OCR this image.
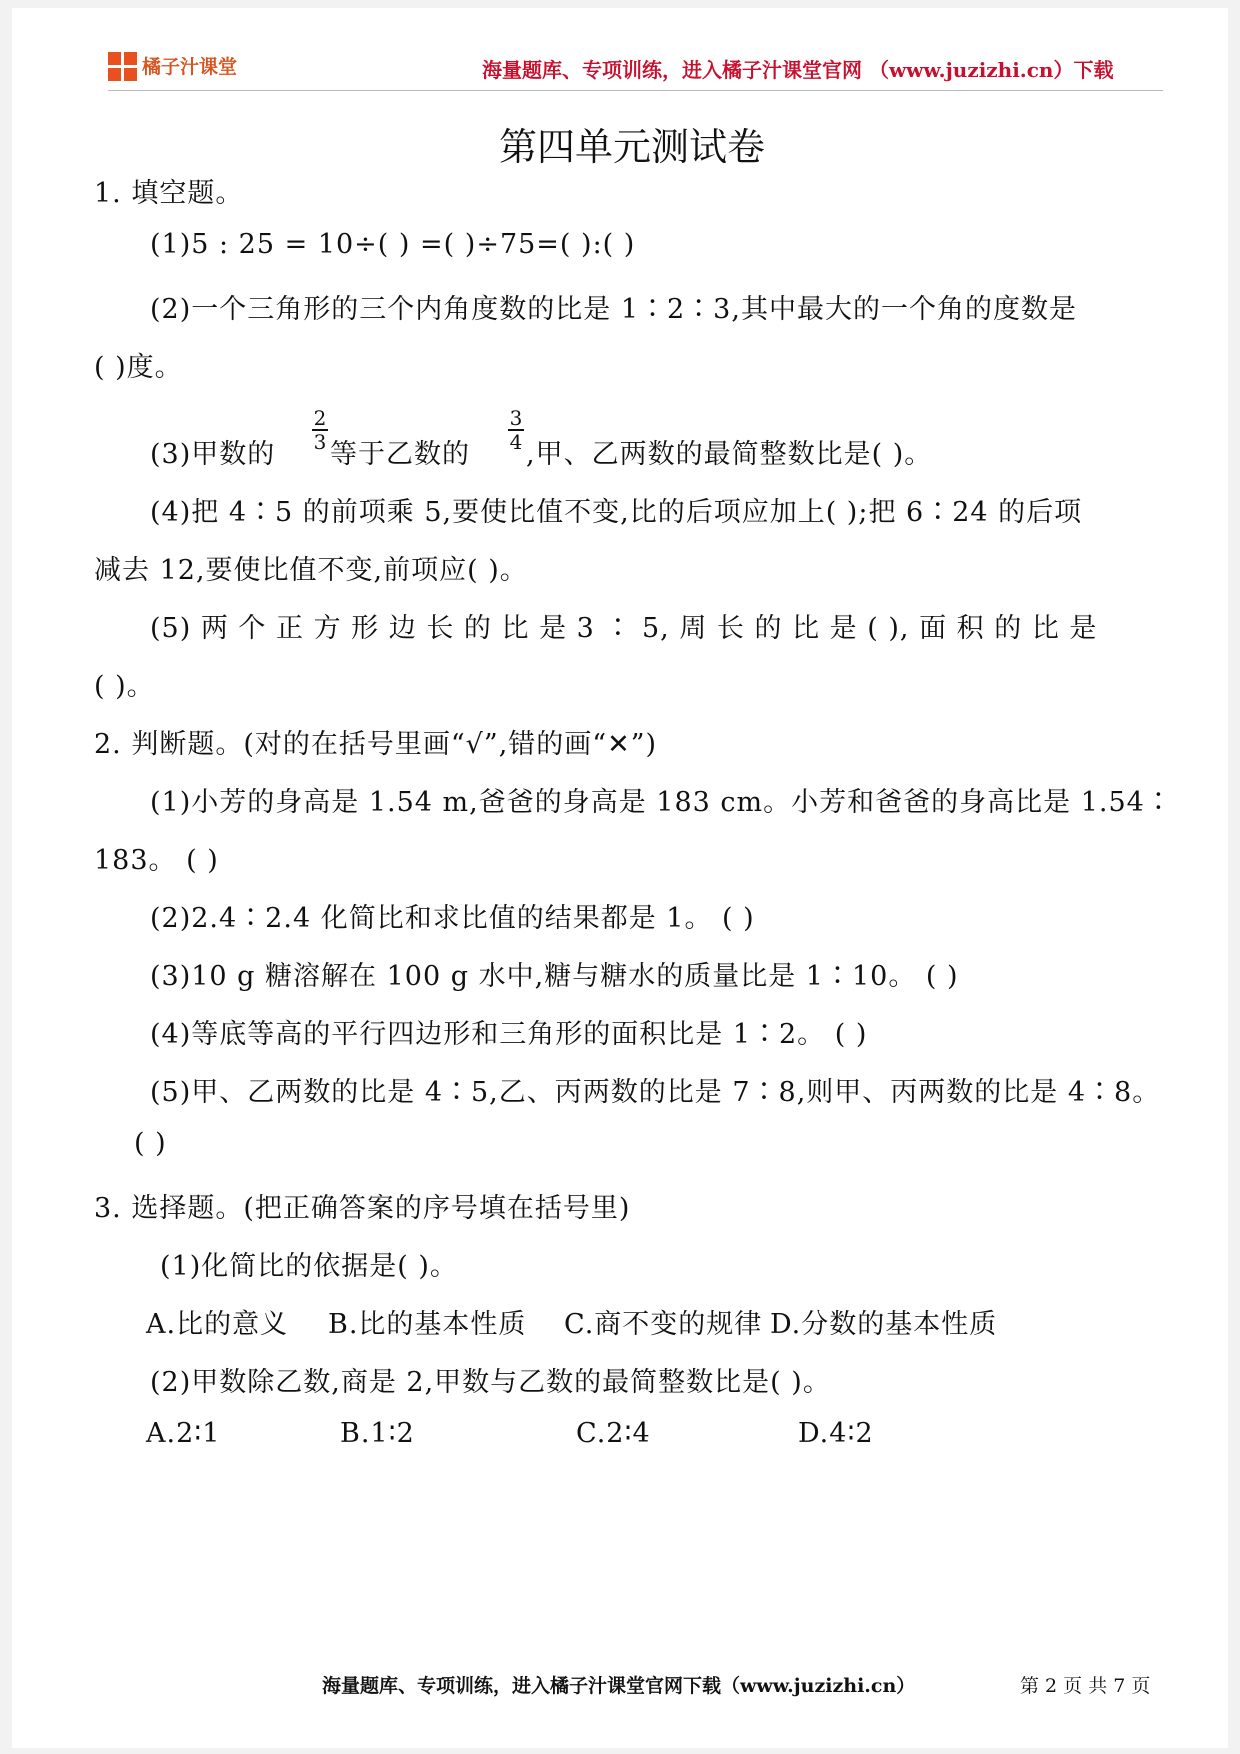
橘子汁课堂	海量题库、专项训练，进入橘子汁课堂官网 （www.juzizhi.cn）下载
第四单元测试卷
1. 填空题。
(1)5 : 25 = 10÷( ) =( )÷75=( ):( )
(2)一个三角形的三个内角度数的比是 1∶2∶3,其中最大的一个角的度数是
( )度。
(3)甲数的
$\frac{2}{3}$
等于乙数的
$\frac{3}{4}$
,甲、乙两数的最简整数比是( )。
(4)把 4∶5 的前项乘 5,要使比值不变,比的后项应加上( );把 6∶24 的后项
减去 12,要使比值不变,前项应( )。
(5) 两 个 正 方 形 边 长 的 比 是 3 ∶ 5, 周 长 的 比 是 ( ), 面 积 的 比 是
( )。
2. 判断题。(对的在括号里画“√”,错的画“✕”)
(1)小芳的身高是 1.54 m,爸爸的身高是 183 cm。小芳和爸爸的身高比是 1.54∶
183。 ( )
(2)2.4∶2.4 化简比和求比值的结果都是 1。 ( )
(3)10 g 糖溶解在 100 g 水中,糖与糖水的质量比是 1∶10。 ( )
(4)等底等高的平行四边形和三角形的面积比是 1∶2。 ( )
(5)甲、乙两数的比是 4∶5,乙、丙两数的比是 7∶8,则甲、丙两数的比是 4∶8。
( )
3. 选择题。(把正确答案的序号填在括号里)
(1)化简比的依据是( )。
A.比的意义 B.比的基本性质 C.商不变的规律 D.分数的基本性质
(2)甲数除乙数,商是 2,甲数与乙数的最简整数比是( )。
A.2∶1	B.1∶2	C.2∶4	D.4∶2
海量题库、专项训练，进入橘子汁课堂官网下载（www.juzizhi.cn）	第 2 页 共 7 页
